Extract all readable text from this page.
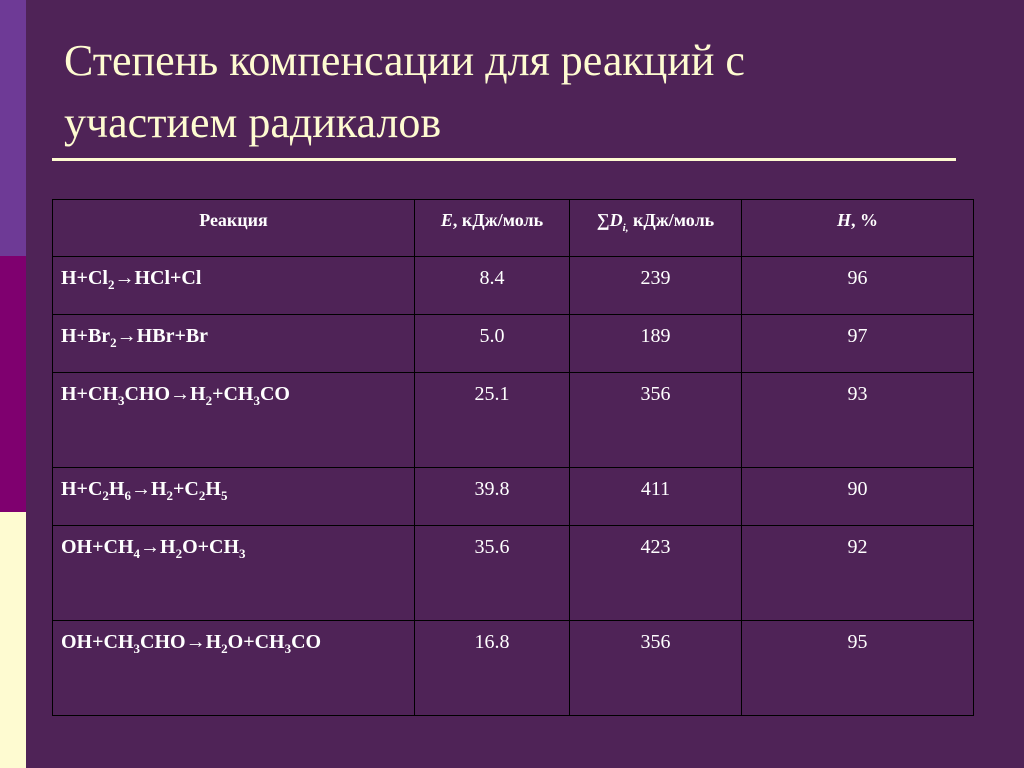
Степень компенсации для реакций с
участием радикалов
Реакция	E, кДж/моль	$\sum D_{i,}$ кДж/моль	H, %
$H+Cl_2\to HCl+Cl$	8.4	239	96
$H+Br_2\to HBr+Br$	5.0	189	97
$H+CH_3CHO\to H_2+CH_3CO$	25.1	356	93
$H+C_2H_6\to H_2+C_2H_5$	39.8	411	90
$OH+CH_4\to H_2O+CH_3$	35.6	423	92
$OH+CH_3CHO\to H_2O+CH_3CO$	16.8	356	95
